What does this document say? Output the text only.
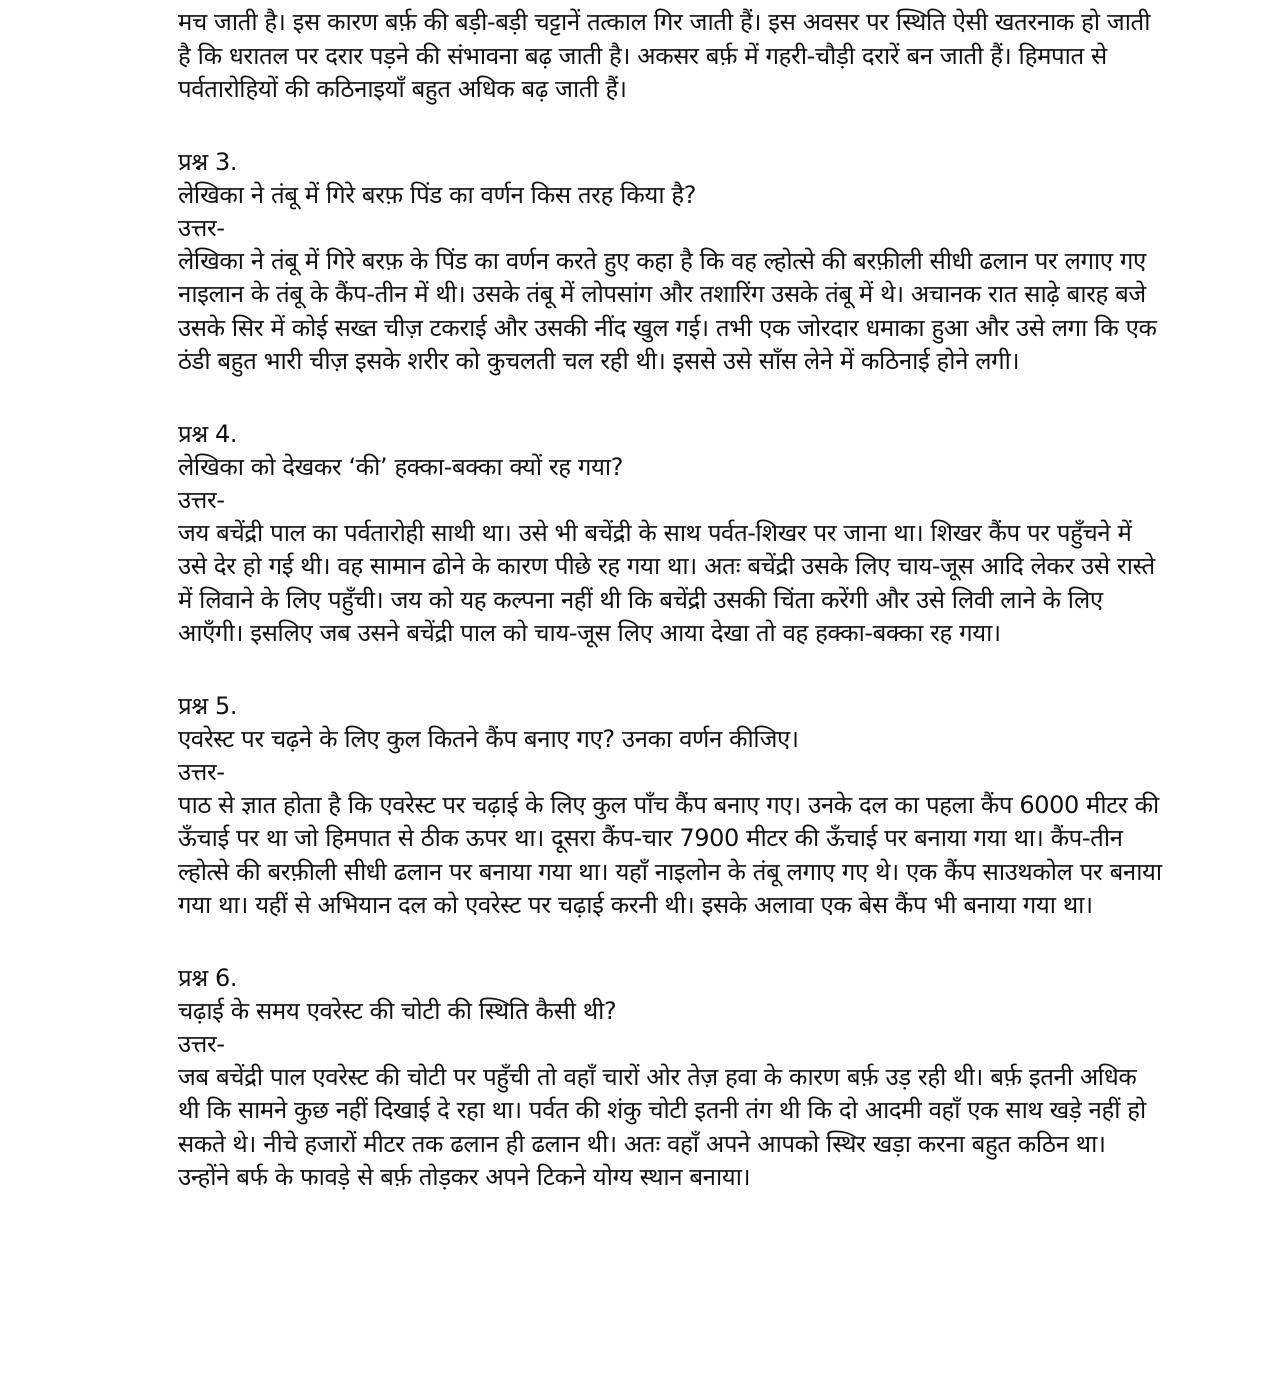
मच जाती है। इस कारण बर्फ़ की बड़ी-बड़ी चट्टानें तत्काल गिर जाती हैं। इस अवसर पर स्थिति ऐसी खतरनाक हो जाती है कि धरातल पर दरार पड़ने की संभावना बढ़ जाती है। अकसर बर्फ़ में गहरी-चौड़ी दरारें बन जाती हैं। हिमपात से पर्वतारोहियों की कठिनाइयाँ बहुत अधिक बढ़ जाती हैं।

प्रश्न 3.

लेखिका ने तंबू में गिरे बरफ़ पिंड का वर्णन किस तरह किया है?

उत्तर-

लेखिका ने तंबू में गिरे बरफ़ के पिंड का वर्णन करते हुए कहा है कि वह ल्होत्से की बरफ़ीली सीधी ढलान पर लगाए गए नाइलान के तंबू के कैंप-तीन में थी। उसके तंबू में लोपसांग और तशारिंग उसके तंबू में थे। अचानक रात साढ़े बारह बजे उसके सिर में कोई सख्त चीज़ टकराई और उसकी नींद खुल गई। तभी एक जोरदार धमाका हुआ और उसे लगा कि एक ठंडी बहुत भारी चीज़ इसके शरीर को कुचलती चल रही थी। इससे उसे साँस लेने में कठिनाई होने लगी।

प्रश्न 4.

लेखिका को देखकर ‘की’ हक्का-बक्का क्यों रह गया?

उत्तर-

जय बचेंद्री पाल का पर्वतारोही साथी था। उसे भी बचेंद्री के साथ पर्वत-शिखर पर जाना था। शिखर कैंप पर पहुँचने में उसे देर हो गई थी। वह सामान ढोने के कारण पीछे रह गया था। अतः बचेंद्री उसके लिए चाय-जूस आदि लेकर उसे रास्ते में लिवाने के लिए पहुँची। जय को यह कल्पना नहीं थी कि बचेंद्री उसकी चिंता करेंगी और उसे लिवी लाने के लिए आएँगी। इसलिए जब उसने बचेंद्री पाल को चाय-जूस लिए आया देखा तो वह हक्का-बक्का रह गया।

प्रश्न 5.

एवरेस्ट पर चढ़ने के लिए कुल कितने कैंप बनाए गए? उनका वर्णन कीजिए।

उत्तर-

पाठ से ज्ञात होता है कि एवरेस्ट पर चढ़ाई के लिए कुल पाँच कैंप बनाए गए। उनके दल का पहला कैंप 6000 मीटर की ऊँचाई पर था जो हिमपात से ठीक ऊपर था। दूसरा कैंप-चार 7900 मीटर की ऊँचाई पर बनाया गया था। कैंप-तीन ल्होत्से की बरफ़ीली सीधी ढलान पर बनाया गया था। यहाँ नाइलोन के तंबू लगाए गए थे। एक कैंप साउथकोल पर बनाया गया था। यहीं से अभियान दल को एवरेस्ट पर चढ़ाई करनी थी। इसके अलावा एक बेस कैंप भी बनाया गया था।

प्रश्न 6.

चढ़ाई के समय एवरेस्ट की चोटी की स्थिति कैसी थी?

उत्तर-

जब बचेंद्री पाल एवरेस्ट की चोटी पर पहुँची तो वहाँ चारों ओर तेज़ हवा के कारण बर्फ़ उड़ रही थी। बर्फ़ इतनी अधिक थी कि सामने कुछ नहीं दिखाई दे रहा था। पर्वत की शंकु चोटी इतनी तंग थी कि दो आदमी वहाँ एक साथ खड़े नहीं हो सकते थे। नीचे हजारों मीटर तक ढलान ही ढलान थी। अतः वहाँ अपने आपको स्थिर खड़ा करना बहुत कठिन था। उन्होंने बर्फ के फावड़े से बर्फ़ तोड़कर अपने टिकने योग्य स्थान बनाया।
